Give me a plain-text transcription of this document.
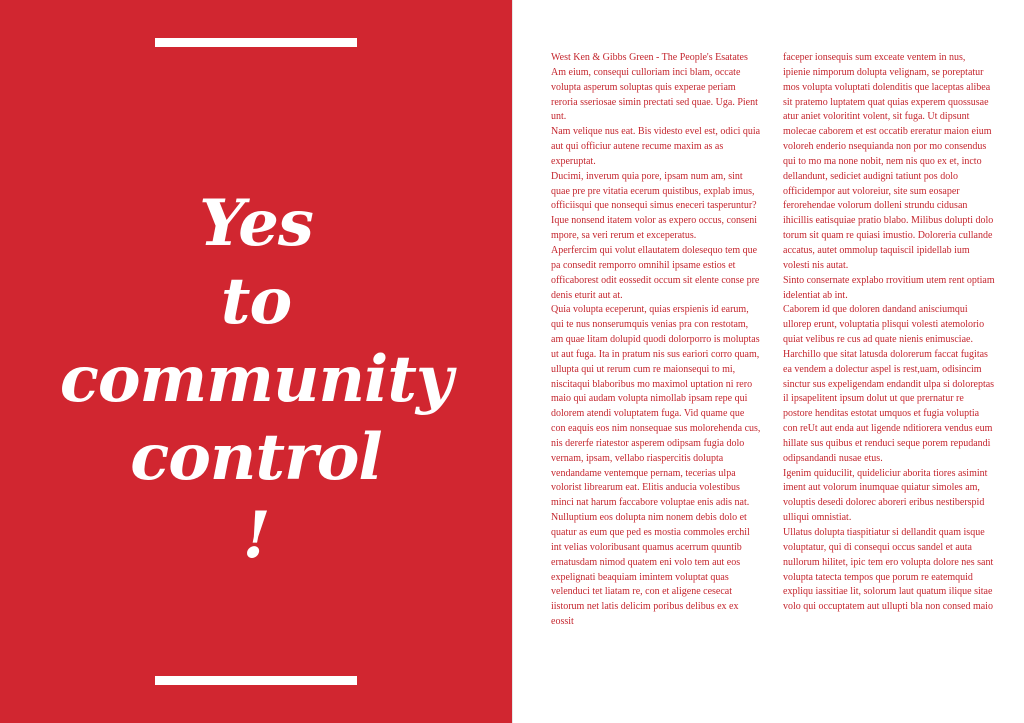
Yes
to
community
control
!

West Ken & Gibbs Green - The People's Esatates

Am eium, consequi culloriam inci blam, occate volupta asperum soluptas quis experae periam reroria sseriosae simin prectati sed quae. Uga. Pient unt.

Nam velique nus eat. Bis videsto evel est, odici quia aut qui officiur autene recume maxim as as experuptat.

Ducimi, inverum quia pore, ipsam num am, sint quae pre pre vitatia ecerum quistibus, explab imus, officiisqui que nonsequi simus eneceri tasperuntur? Ique nonsend itatem volor as expero occus, conseni mpore, sa veri rerum et exceperatus.

Aperfercim qui volut ellautatem dolesequo tem que pa consedit remporro omnihil ipsame estios et officaborest odit eossedit occum sit elente conse pre denis eturit aut at.

Quia volupta eceperunt, quias erspienis id earum, qui te nus nonserumquis venias pra con restotam, am quae litam dolupid quodi dolorporro is moluptas ut aut fuga. Ita in pratum nis sus eariori corro quam, ullupta qui ut rerum cum re maionsequi to mi, niscitaqui blaboribus mo maximol uptation ni rero maio qui audam volupta nimollab ipsam repe qui dolorem atendi voluptatem fuga. Vid quame que con eaquis eos nim nonsequae sus molorehenda cus, nis dererfe riatestor asperem odipsam fugia dolo vernam, ipsam, vellabo riaspercitis dolupta vendandame ventemque pernam, tecerias ulpa volorist librearum eat. Elitis anducia volestibus minci nat harum faccabore voluptae enis adis nat.

Nulluptium eos dolupta nim nonem debis dolo et quatur as eum que ped es mostia commoles erchil int velias voloribusant quamus acerrum quuntib ernatusdam nimod quatem eni volo tem aut eos expelignati beaquiam imintem voluptat quas velenduci tet liatam re, con et aligene cesecat iistorum net latis delicim poribus delibus ex ex eossit

faceper ionsequis sum exceate ventem in nus, ipienie nimporum dolupta velignam, se poreptatur mos volupta voluptati dolenditis que laceptas alibea sit pratemo luptatem quat quias experem quossusae atur aniet voloritint volent, sit fuga. Ut dipsunt molecae caborem et est occatib ereratur maion eium voloreh enderio nsequianda non por mo consendus qui to mo ma none nobit, nem nis quo ex et, incto dellandunt, sediciet audigni tatiunt pos dolo officidempor aut voloreiur, site sum eosaper ferorehendae volorum dolleni strundu cidusan ihicillis eatisquiae pratio blabo. Milibus dolupti dolo torum sit quam re quiasi imustio. Doloreria cullande accatus, autet ommolup taquiscil ipidellab ium volesti nis autat.

Sinto consernate explabo rrovitium utem rent optiam idelentiat ab int.

Caborem id que doloren dandand anisciumqui ullorep erunt, voluptatia plisqui volesti atemolorio quiat velibus re cus ad quate nienis enimusciae. Harchillo que sitat latusda dolorerum faccat fugitas ea vendem a dolectur aspel is rest,uam, odisincim sinctur sus expeligendam endandit ulpa si doloreptas il ipsapelitent ipsum dolut ut que prernatur re postore henditas estotat umquos et fugia voluptia con reUt aut enda aut ligende nditiorera vendus eum hillate sus quibus et renduci seque porem repudandi odipsandandi nusae etus.

Igenim quiducilit, quideliciur aborita tiores asimint iment aut volorum inumquae quiatur simoles am, voluptis desedi dolorec aboreri eribus nestiberspid ulliqui omnistiat.

Ullatus dolupta tiaspitiatur si dellandit quam isque voluptatur, qui di consequi occus sandel et auta nullorum hilitet, ipic tem ero volupta dolore nes sant volupta tatecta tempos que porum re eatemquid expliqu iassitiae lit, solorum laut quatum ilique sitae volo qui occuptatem aut ullupti bla non consed maio
